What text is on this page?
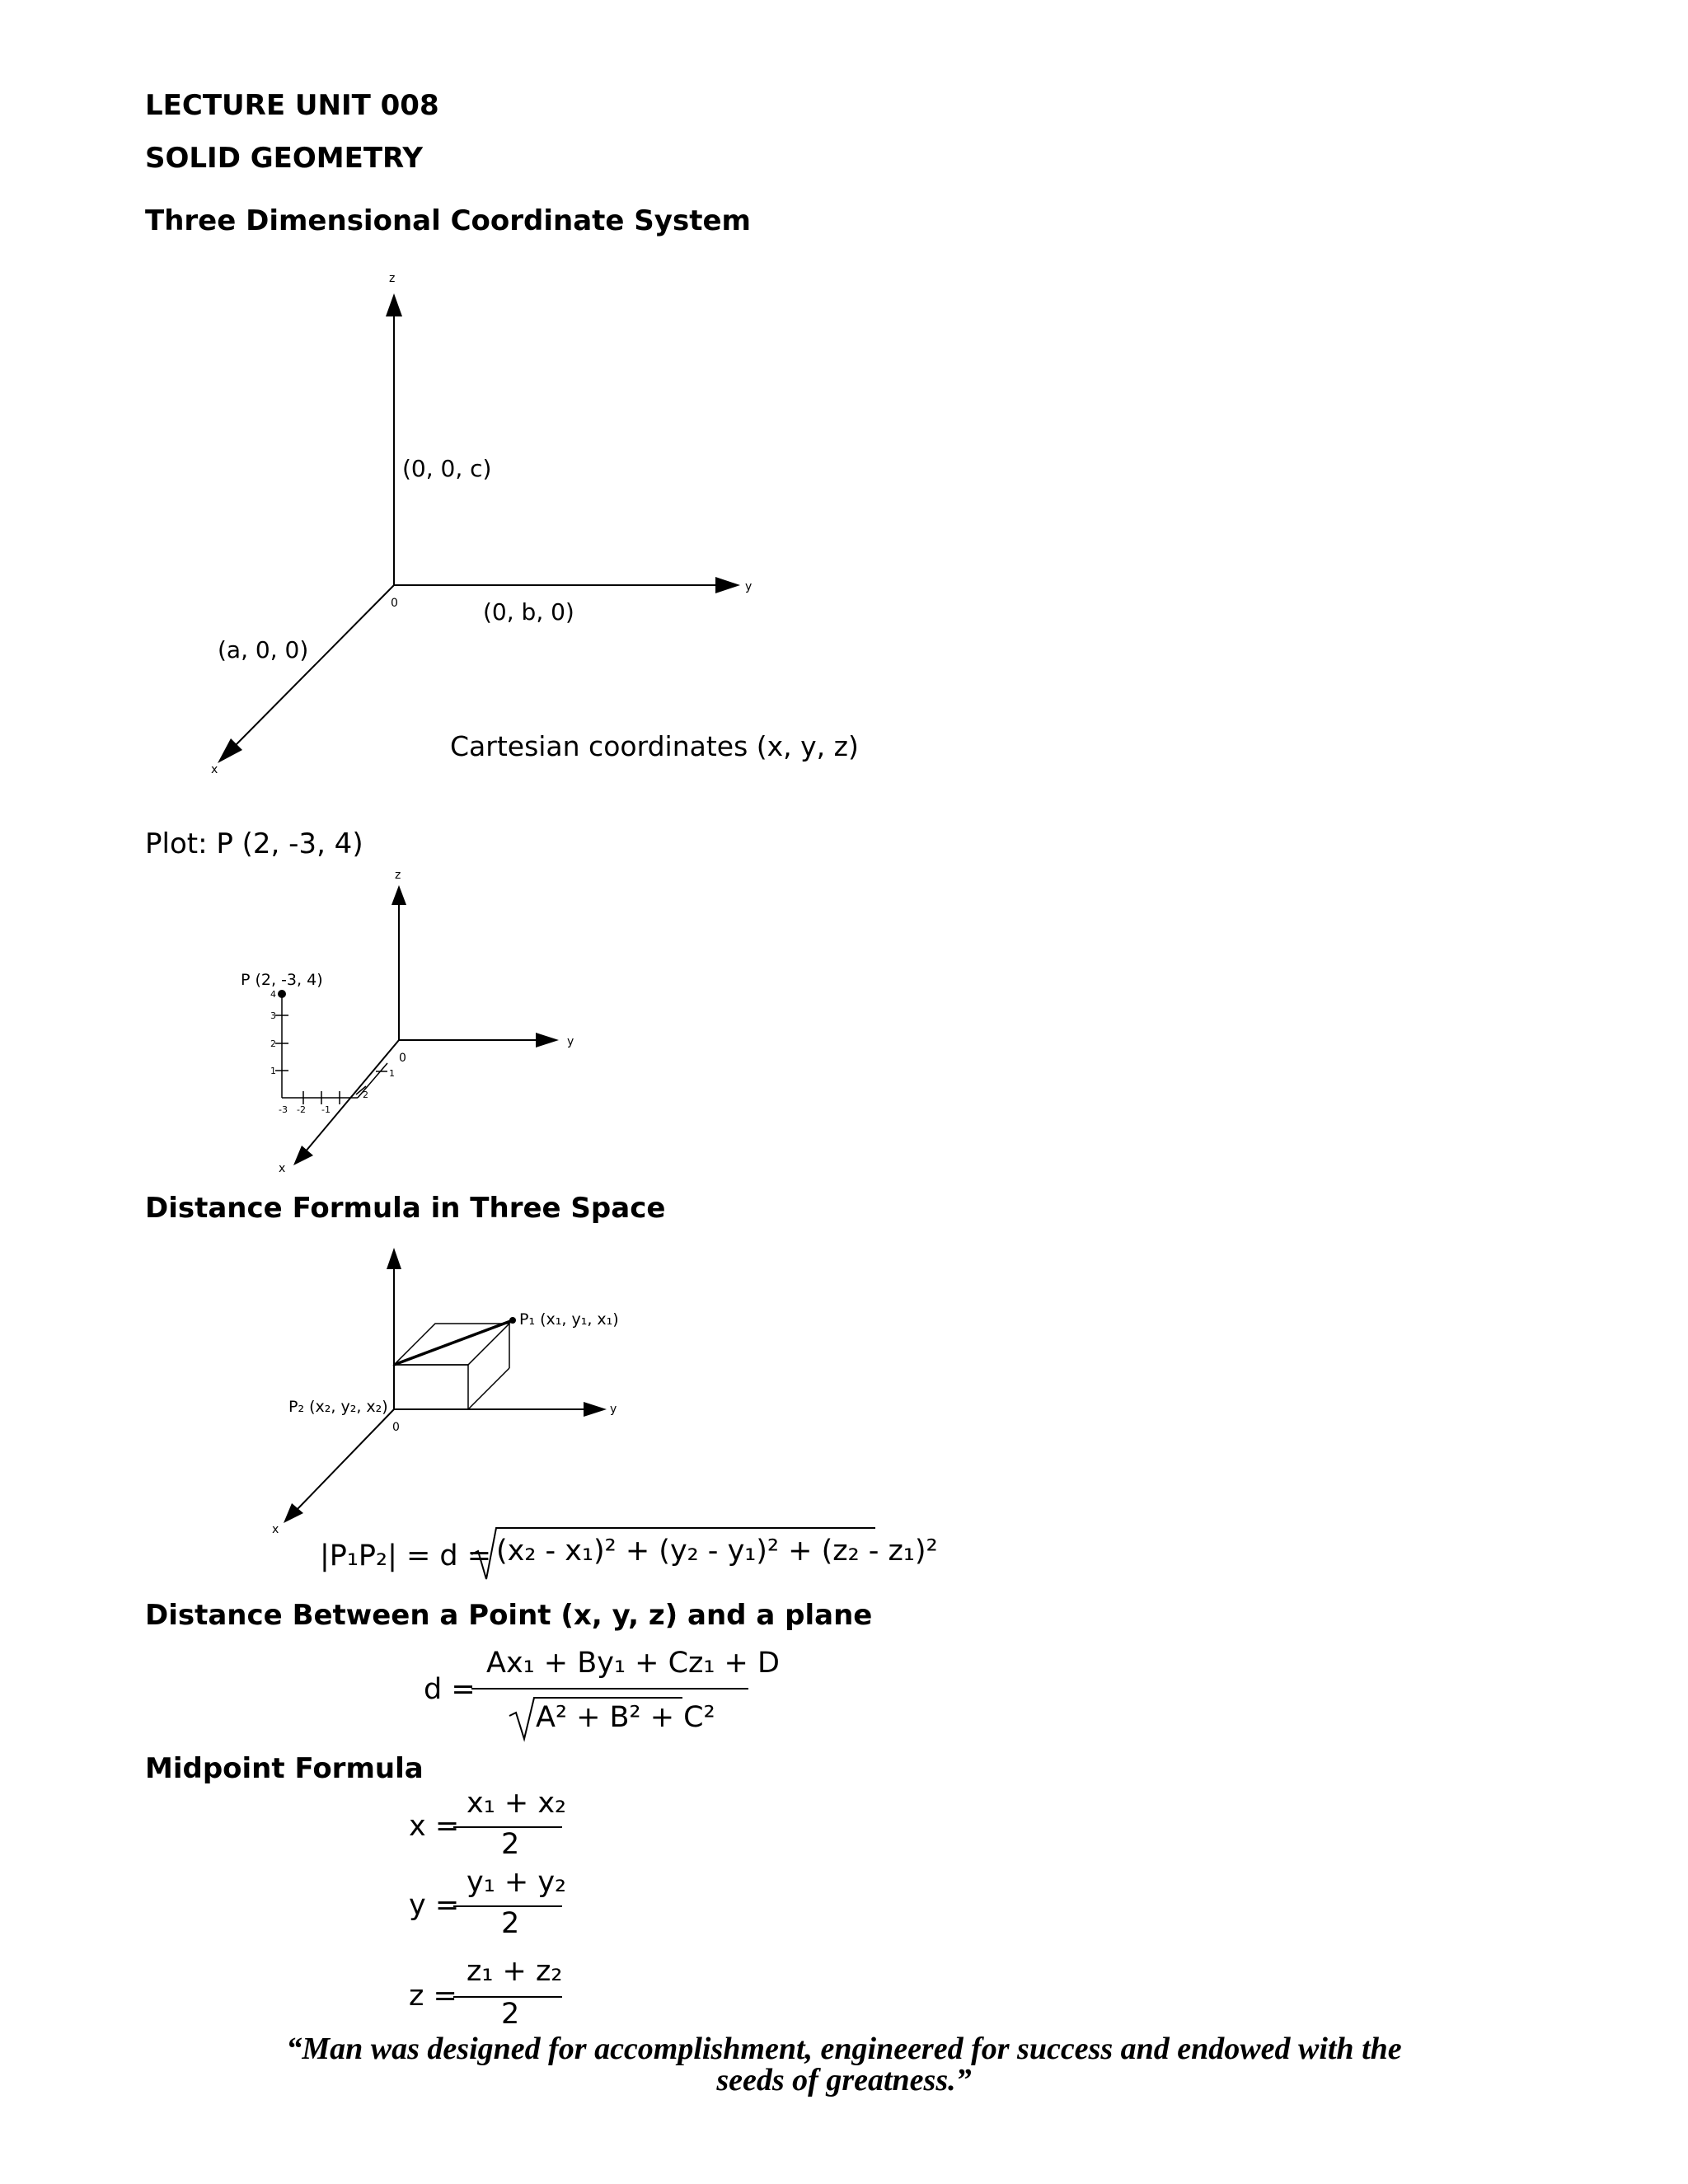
LECTURE UNIT 008
SOLID GEOMETRY
Three Dimensional Coordinate System
z
y
x
0
(0, 0, c)
(0, b, 0)
(a, 0, 0)
Cartesian coordinates (x, y, z)
Plot: P (2, -3, 4)
z
y
x
0
P (2, -3, 4)
4
3
2
1
-3 -2 -1
1
2
Distance Formula in Three Space
P₁ (x₁, y₁, x₁)
P₂ (x₂, y₂, x₂)	y
x
0
|P₁P₂| = d = (x₂ - x₁)² + (y₂ - y₁)² + (z₂ - z₁)²
Distance Between a Point (x, y, z) and a plane
d =
Ax₁ + By₁ + Cz₁ + D
A² + B² + C²
Midpoint Formula
x =
x₁ + x₂
2
y =
y₁ + y₂
2
z =
z₁ + z₂
2
“Man was designed for accomplishment, engineered for success and endowed with the
seeds of greatness.”
